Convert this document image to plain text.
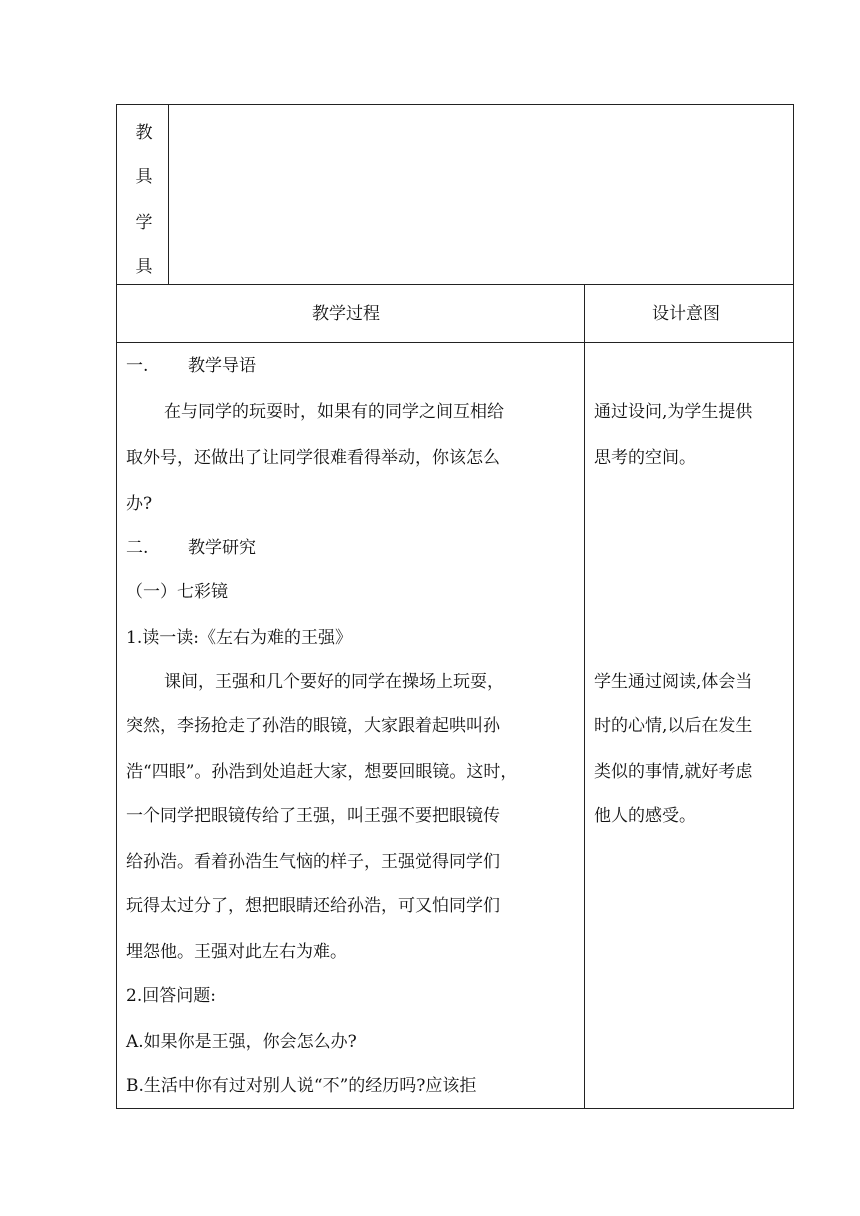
教
具
学
具
教学过程	设计意图
一. 教学导语
在与同学的玩耍时，如果有的同学之间互相给
取外号，还做出了让同学很难看得举动，你该怎么
办?
二. 教学研究
（一）七彩镜
1.读一读:《左右为难的王强》
课间，王强和几个要好的同学在操场上玩耍，
突然，李扬抢走了孙浩的眼镜，大家跟着起哄叫孙
浩“四眼”。孙浩到处追赶大家，想要回眼镜。这时，
一个同学把眼镜传给了王强，叫王强不要把眼镜传
给孙浩。看着孙浩生气恼的样子，王强觉得同学们
玩得太过分了，想把眼睛还给孙浩，可又怕同学们
埋怨他。王强对此左右为难。
2.回答问题:
A.如果你是王强，你会怎么办?
B.生活中你有过对别人说“不”的经历吗?应该拒
通过设问,为学生提供
思考的空间。
学生通过阅读,体会当
时的心情,以后在发生
类似的事情,就好考虑
他人的感受。
